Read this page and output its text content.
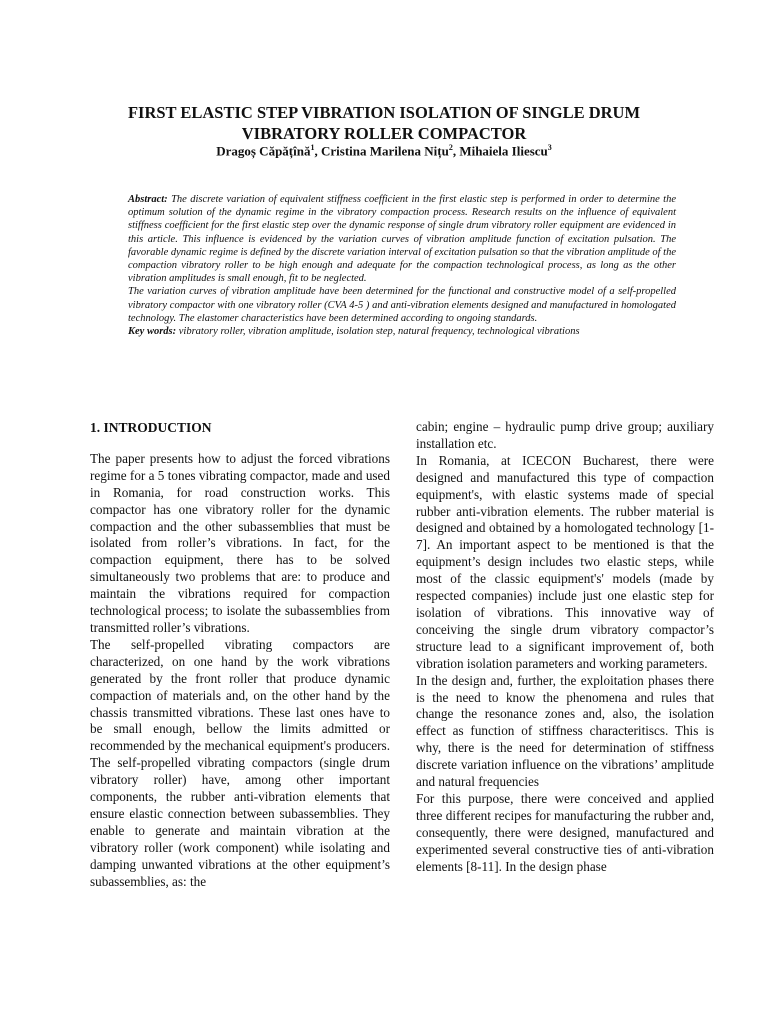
FIRST ELASTIC STEP VIBRATION ISOLATION OF SINGLE DRUM
VIBRATORY ROLLER COMPACTOR
Dragoș Căpățînă$^1$, Cristina Marilena Nițu$^2$, Mihaiela Iliescu$^3$

Abstract: The discrete variation of equivalent stiffness coefficient in the first elastic step is performed in order to determine the optimum solution of the dynamic regime in the vibratory compaction process. Research results on the influence of equivalent stiffness coefficient for the first elastic step over the dynamic response of single drum vibratory roller equipment are evidenced in this article. This influence is evidenced by the variation curves of vibration amplitude function of excitation pulsation. The favorable dynamic regime is defined by the discrete variation interval of excitation pulsation so that the vibration amplitude of the compaction vibratory roller to be high enough and adequate for the compaction technological process, as long as the other vibration amplitudes is small enough, fit to be neglected.

The variation curves of vibration amplitude have been determined for the functional and constructive model of a self-propelled vibratory compactor with one vibratory roller (CVA 4-5 ) and anti-vibration elements designed and manufactured in homologated technology. The elastomer characteristics have been determined according to ongoing standards.

Key words: vibratory roller, vibration amplitude, isolation step, natural frequency, technological vibrations

1. INTRODUCTION

The paper presents how to adjust the forced vibrations regime for a 5 tones vibrating compactor, made and used in Romania, for road construction works. This compactor has one vibratory roller for the dynamic compaction and the other subassemblies that must be isolated from roller’s vibrations. In fact, for the compaction equipment, there has to be solved simultaneously two problems that are: to produce and maintain the vibrations required for compaction technological process; to isolate the subassemblies from transmitted roller’s vibrations.

The self-propelled vibrating compactors are characterized, on one hand by the work vibrations generated by the front roller that produce dynamic compaction of materials and, on the other hand by the chassis transmitted vibrations. These last ones have to be small enough, bellow the limits admitted or recommended by the mechanical equipment's producers. The self-propelled vibrating compactors (single drum vibratory roller) have, among other important components, the rubber anti-vibration elements that ensure elastic connection between subassemblies. They enable to generate and maintain vibration at the vibratory roller (work component) while isolating and damping unwanted vibrations at the other equipment’s subassemblies, as: the

cabin; engine – hydraulic pump drive group; auxiliary installation etc.

In Romania, at ICECON Bucharest, there were designed and manufactured this type of compaction equipment's, with elastic systems made of special rubber anti-vibration elements. The rubber material is designed and obtained by a homologated technology [1-7]. An important aspect to be mentioned is that the equipment’s design includes two elastic steps, while most of the classic equipment's' models (made by respected companies) include just one elastic step for isolation of vibrations. This innovative way of conceiving the single drum vibratory compactor’s structure lead to a significant improvement of, both vibration isolation parameters and working parameters.

In the design and, further, the exploitation phases there is the need to know the phenomena and rules that change the resonance zones and, also, the isolation effect as function of stiffness characteritiscs. This is why, there is the need for determination of stiffness discrete variation influence on the vibrations’ amplitude and natural frequencies

For this purpose, there were conceived and applied three different recipes for manufacturing the rubber and, consequently, there were designed, manufactured and experimented several constructive ties of anti-vibration elements [8-11]. In the design phase
